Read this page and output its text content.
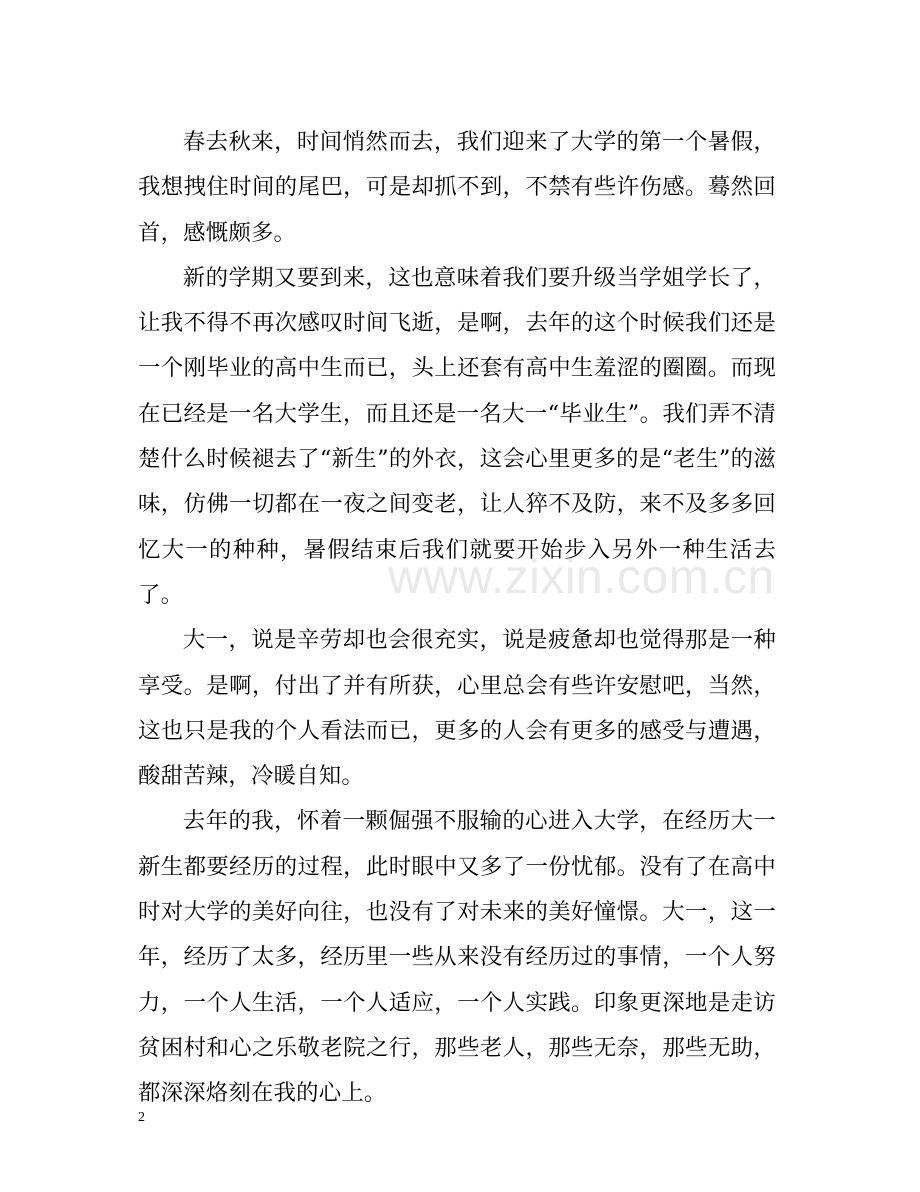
春去秋来，时间悄然而去，我们迎来了大学的第一个暑假，我想拽住时间的尾巴，可是却抓不到，不禁有些许伤感。蓦然回首，感慨颇多。

新的学期又要到来，这也意味着我们要升级当学姐学长了，让我不得不再次感叹时间飞逝，是啊，去年的这个时候我们还是一个刚毕业的高中生而已，头上还套有高中生羞涩的圈圈。而现在已经是一名大学生，而且还是一名大一“毕业生”。我们弄不清楚什么时候褪去了“新生”的外衣，这会心里更多的是“老生”的滋味，仿佛一切都在一夜之间变老，让人猝不及防，来不及多多回忆大一的种种，暑假结束后我们就要开始步入另外一种生活去了。

大一，说是辛劳却也会很充实，说是疲惫却也觉得那是一种享受。是啊，付出了并有所获，心里总会有些许安慰吧，当然，这也只是我的个人看法而已，更多的人会有更多的感受与遭遇，酸甜苦辣，冷暖自知。

去年的我，怀着一颗倔强不服输的心进入大学，在经历大一新生都要经历的过程，此时眼中又多了一份忧郁。没有了在高中时对大学的美好向往，也没有了对未来的美好憧憬。大一，这一年，经历了太多，经历里一些从来没有经历过的事情，一个人努力，一个人生活，一个人适应，一个人实践。印象更深地是走访贫困村和心之乐敬老院之行，那些老人，那些无奈，那些无助，都深深烙刻在我的心上。

www.zixin.com.cn
2
